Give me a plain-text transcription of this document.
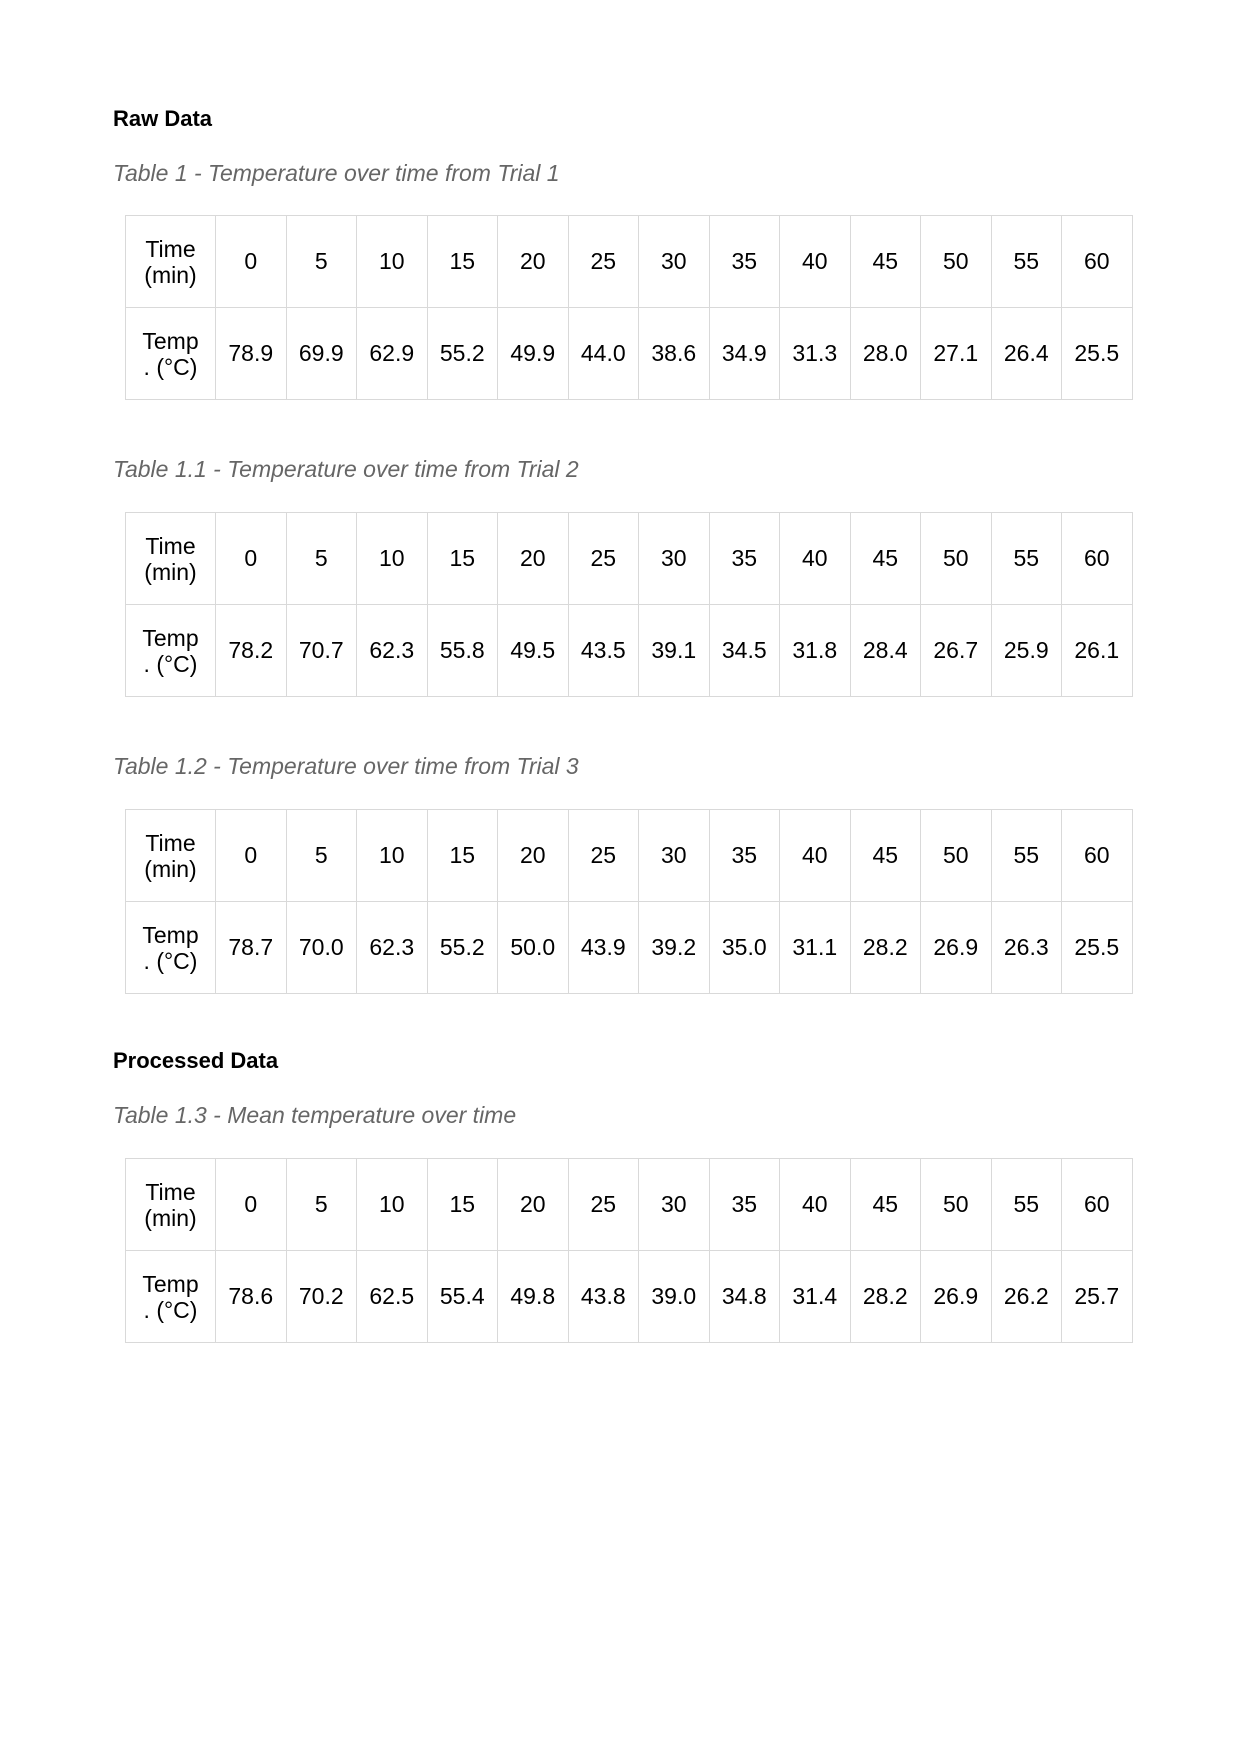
Raw Data

Table 1 - Temperature over time from Trial 1

Time
(min)	0	5	10	15	20	25	30	35	40	45	50	55	60
Temp
. (°C)	78.9	69.9	62.9	55.2	49.9	44.0	38.6	34.9	31.3	28.0	27.1	26.4	25.5

Table 1.1 - Temperature over time from Trial 2

Time
(min)	0	5	10	15	20	25	30	35	40	45	50	55	60
Temp
. (°C)	78.2	70.7	62.3	55.8	49.5	43.5	39.1	34.5	31.8	28.4	26.7	25.9	26.1

Table 1.2 - Temperature over time from Trial 3

Time
(min)	0	5	10	15	20	25	30	35	40	45	50	55	60
Temp
. (°C)	78.7	70.0	62.3	55.2	50.0	43.9	39.2	35.0	31.1	28.2	26.9	26.3	25.5
Processed Data

Table 1.3 - Mean temperature over time

Time
(min)	0	5	10	15	20	25	30	35	40	45	50	55	60
Temp
. (°C)	78.6	70.2	62.5	55.4	49.8	43.8	39.0	34.8	31.4	28.2	26.9	26.2	25.7
